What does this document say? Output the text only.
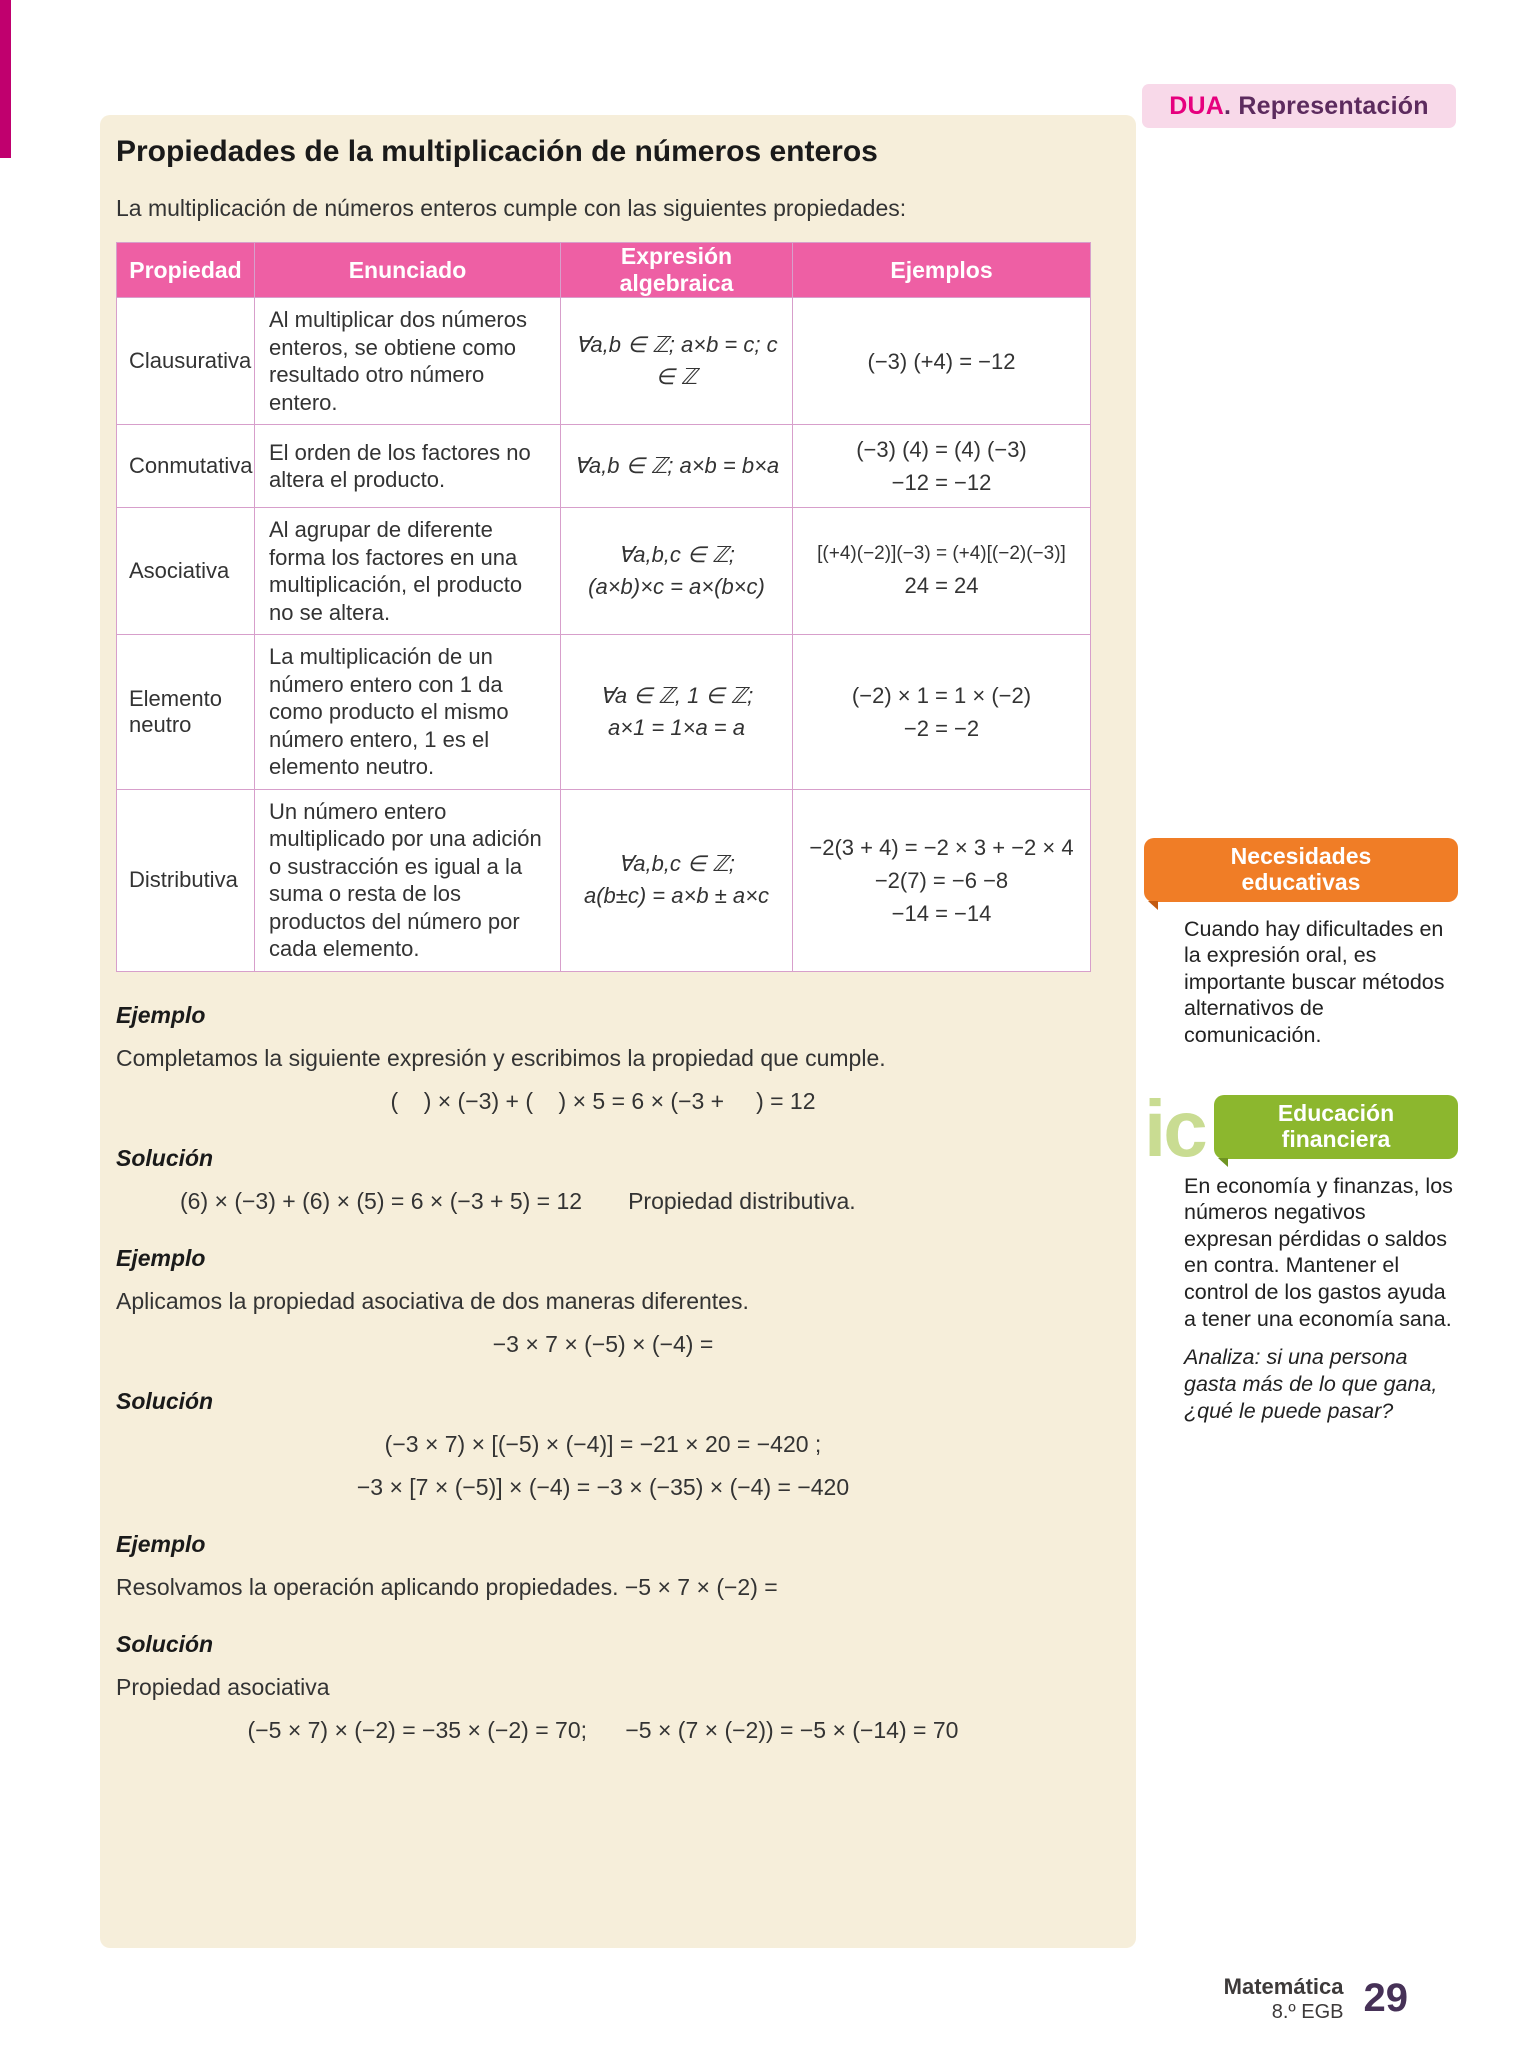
DUA . Representación
Propiedades de la multiplicación de números enteros

La multiplicación de números enteros cumple con las siguientes propiedades:

Propiedad	Enunciado	Expresión algebraica	Ejemplos
Clausurativa	Al multiplicar dos números enteros, se obtiene como resultado otro número entero.	∀a,b ∈ ℤ; a×b = c; c ∈ ℤ	(−3) (+4) = −12

Conmutativa	El orden de los factores no altera el producto.	∀a,b ∈ ℤ; a×b = b×a	(−3) (4) = (4) (−3)
−12 = −12

Asociativa	Al agrupar de diferente forma los factores en una multiplicación, el producto no se altera.	∀a,b,c ∈ ℤ;
(a×b)×c = a×(b×c)	[(+4)(−2)](−3) = (+4)[(−2)(−3)]
24 = 24

Elemento neutro	La multiplicación de un número entero con 1 da como producto el mismo número entero, 1 es el elemento neutro.	∀a ∈ ℤ, 1 ∈ ℤ;
a×1 = 1×a = a	(−2) × 1 = 1 × (−2)
−2 = −2

Distributiva	Un número entero multiplicado por una adición o sustracción es igual a la suma o resta de los productos del número por cada elemento.	∀a,b,c ∈ ℤ;
a(b±c) = a×b ± a×c	−2(3 + 4) = −2 × 3 + −2 × 4
−2(7) = −6 −8
−14 = −14
Ejemplo
Completamos la siguiente expresión y escribimos la propiedad que cumple.
(    ) × (−3) + (    ) × 5 = 6 × (−3 +     ) = 12
Solución
(6) × (−3) + (6) × (5) = 6 × (−3 + 5) = 12 Propiedad distributiva.
Ejemplo
Aplicamos la propiedad asociativa de dos maneras diferentes.
−3 × 7 × (−5) × (−4) =
Solución
(−3 × 7) × [(−5) × (−4)] = −21 × 20 = −420 ;
−3 × [7 × (−5)] × (−4) = −3 × (−35) × (−4) = −420
Ejemplo
Resolvamos la operación aplicando propiedades. −5 × 7 × (−2) =
Solución
Propiedad asociativa
(−5 × 7) × (−2) = −35 × (−2) = 70;      −5 × (7 × (−2)) = −5 × (−14) = 70
Necesidades
educativas
Cuando hay dificultades en la expresión oral, es importante buscar métodos alternativos de comunicación.
ic	Educación
financiera
En economía y finanzas, los números negativos expresan pérdidas o saldos en contra. Mantener el control de los gastos ayuda a tener una economía sana.
Analiza: si una persona gasta más de lo que gana, ¿qué le puede pasar?
Matemática
8.º EGB 29
